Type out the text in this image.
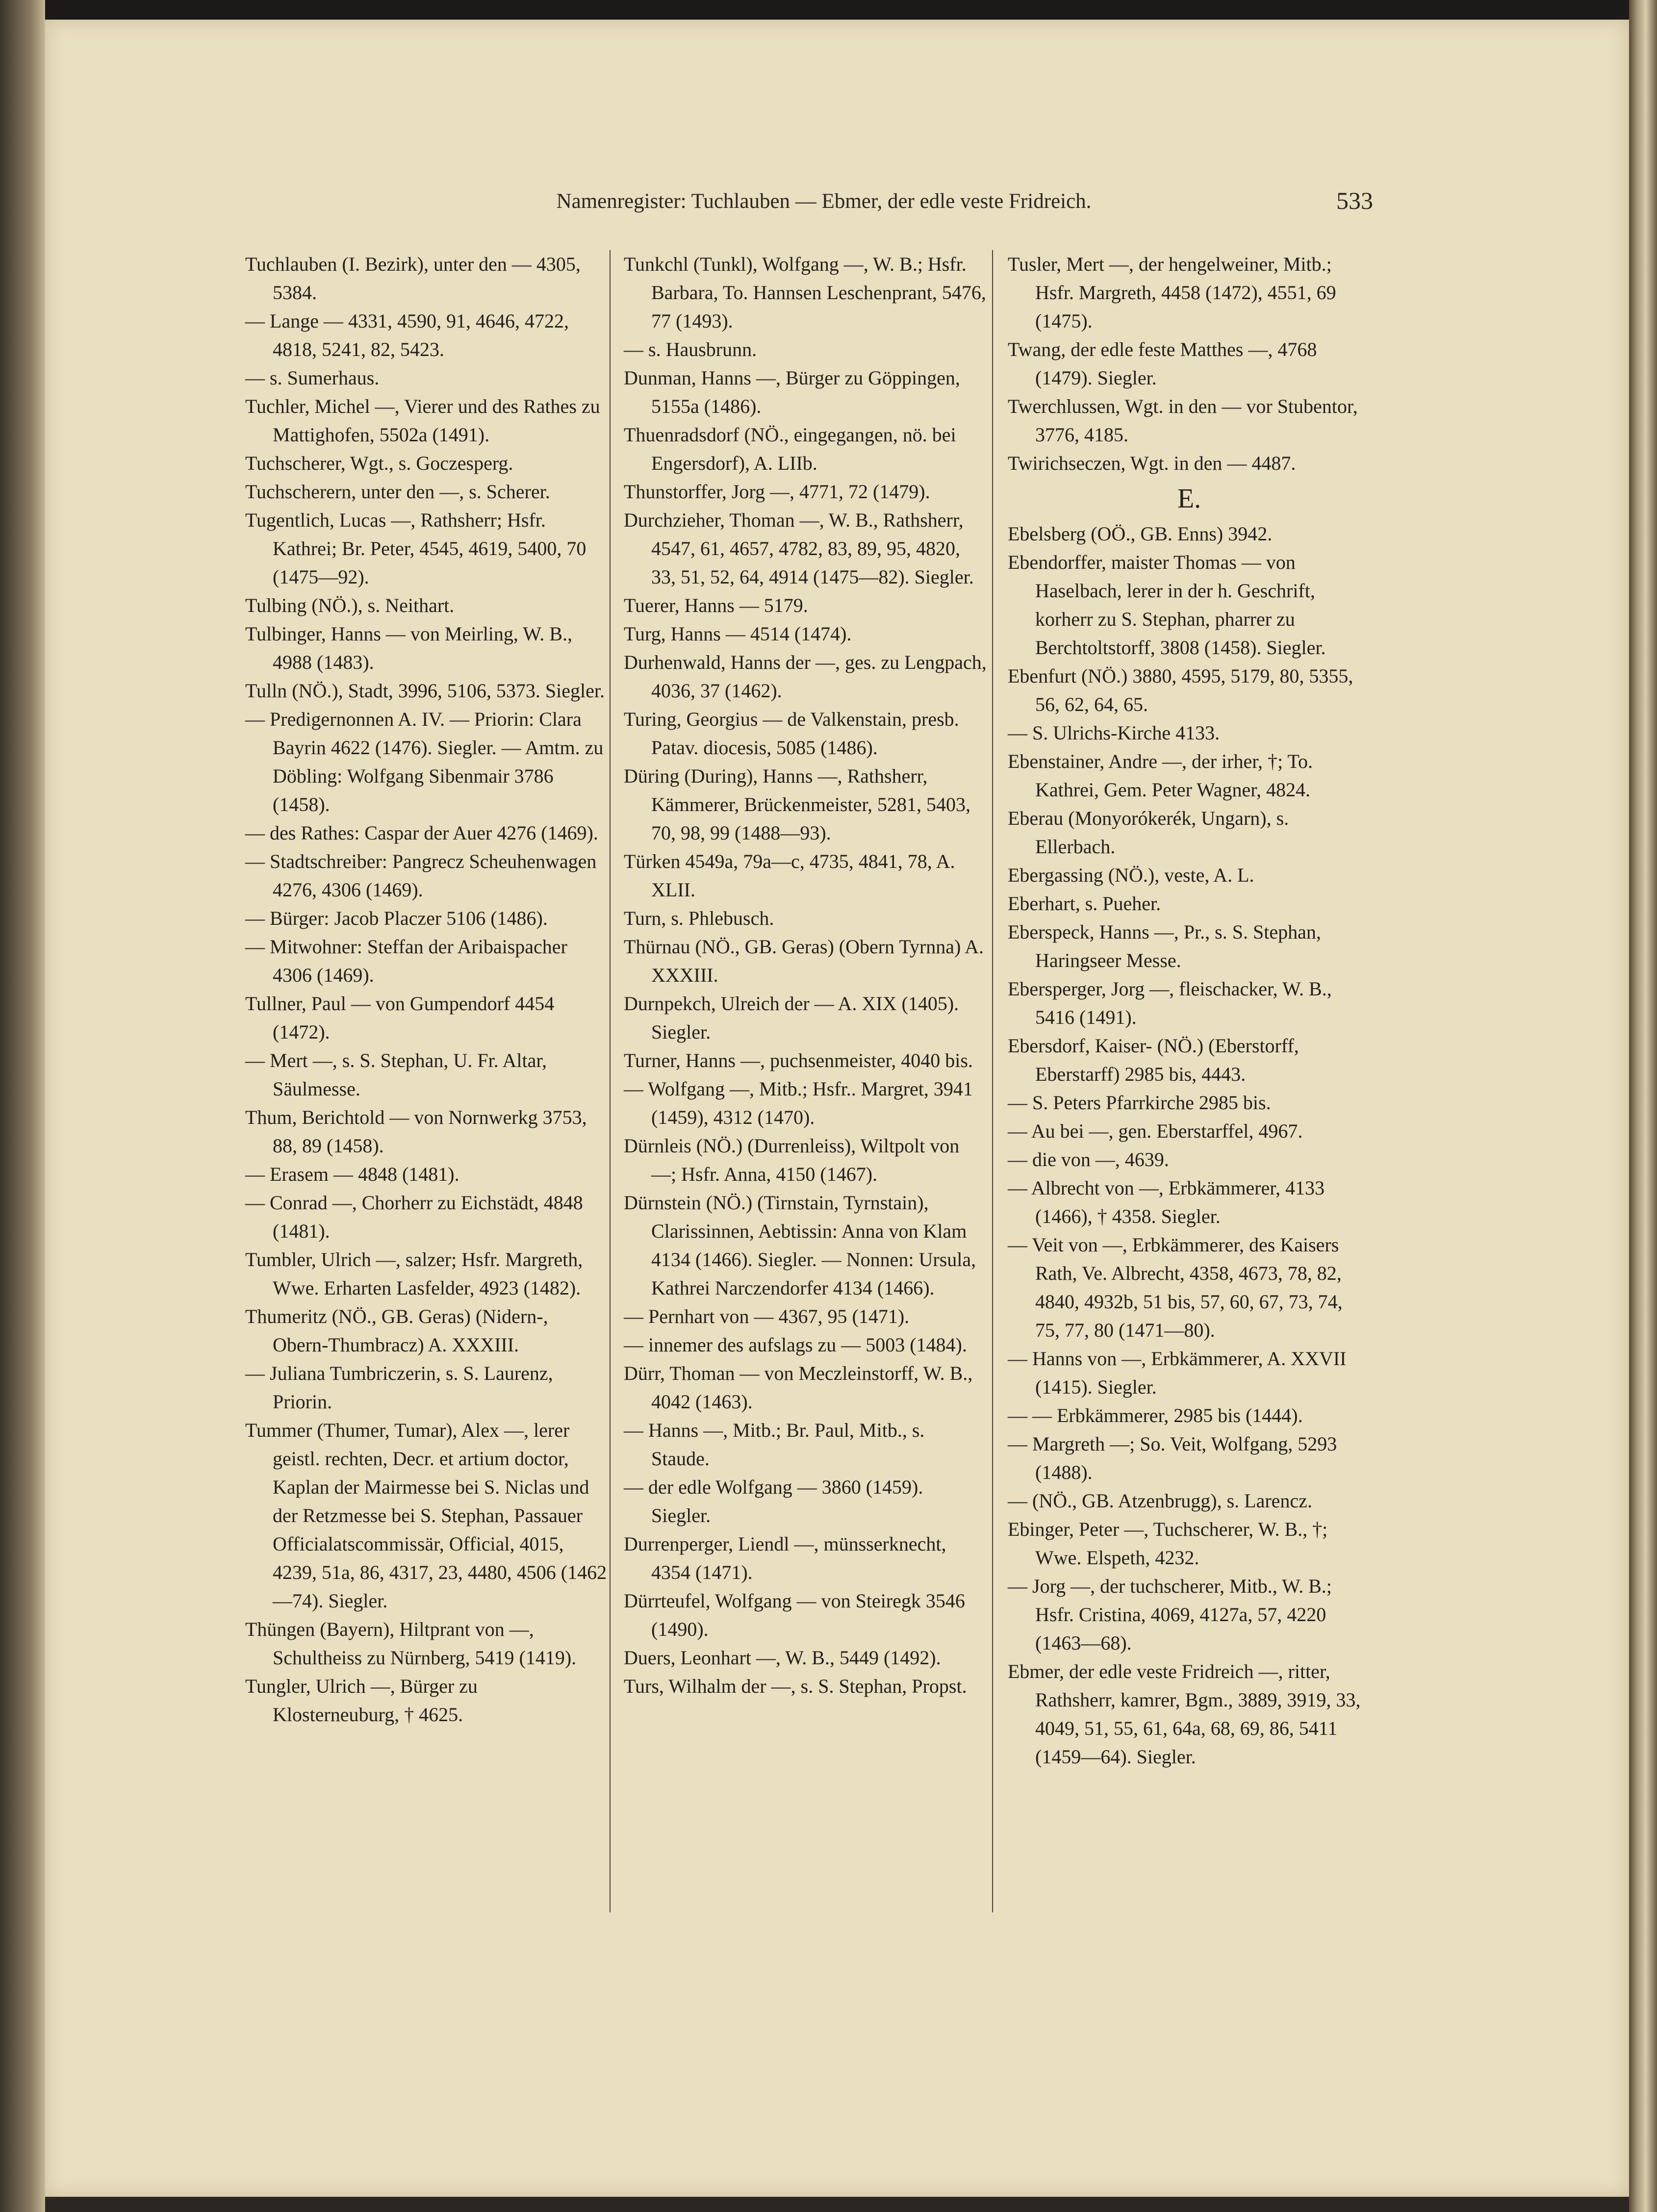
Namenregister: Tuchlauben — Ebmer, der edle veste Fridreich.	533

Tuchlauben (I. Bezirk), unter den — 4305, 5384.

— Lange — 4331, 4590, 91, 4646, 4722, 4818, 5241, 82, 5423.

— s. Sumerhaus.

Tuchler, Michel —, Vierer und des Rathes zu Mattighofen, 5502a (1491).

Tuchscherer, Wgt., s. Goczesperg.

Tuchscherern, unter den —, s. Scherer.

Tugentlich, Lucas —, Rathsherr; Hsfr. Kathrei; Br. Peter, 4545, 4619, 5400, 70 (1475—92).

Tulbing (NÖ.), s. Neithart.

Tulbinger, Hanns — von Meirling, W. B., 4988 (1483).

Tulln (NÖ.), Stadt, 3996, 5106, 5373. Siegler.

— Predigernonnen A. IV. — Priorin: Clara Bayrin 4622 (1476). Siegler. — Amtm. zu Döbling: Wolfgang Sibenmair 3786 (1458).

— des Rathes: Caspar der Auer 4276 (1469).

— Stadtschreiber: Pangrecz Scheuhenwagen 4276, 4306 (1469).

— Bürger: Jacob Placzer 5106 (1486).

— Mitwohner: Steffan der Aribaispacher 4306 (1469).

Tullner, Paul — von Gumpendorf 4454 (1472).

— Mert —, s. S. Stephan, U. Fr. Altar, Säulmesse.

Thum, Berichtold — von Nornwerkg 3753, 88, 89 (1458).

— Erasem — 4848 (1481).

— Conrad —, Chorherr zu Eichstädt, 4848 (1481).

Tumbler, Ulrich —, salzer; Hsfr. Margreth, Wwe. Erharten Lasfelder, 4923 (1482).

Thumeritz (NÖ., GB. Geras) (Nidern-, Obern-Thumbracz) A. XXXIII.

— Juliana Tumbriczerin, s. S. Laurenz, Priorin.

Tummer (Thumer, Tumar), Alex —, lerer geistl. rechten, Decr. et artium doctor, Kaplan der Mairmesse bei S. Niclas und der Retzmesse bei S. Stephan, Passauer Officialatscommissär, Official, 4015, 4239, 51a, 86, 4317, 23, 4480, 4506 (1462—74). Siegler.

Thüngen (Bayern), Hiltprant von —, Schultheiss zu Nürnberg, 5419 (1419).

Tungler, Ulrich —, Bürger zu Klosterneuburg, † 4625.

Tunkchl (Tunkl), Wolfgang —, W. B.; Hsfr. Barbara, To. Hannsen Leschenprant, 5476, 77 (1493).

— s. Hausbrunn.

Dunman, Hanns —, Bürger zu Göppingen, 5155a (1486).

Thuenradsdorf (NÖ., eingegangen, nö. bei Engersdorf), A. LIIb.

Thunstorffer, Jorg —, 4771, 72 (1479).

Durchzieher, Thoman —, W. B., Rathsherr, 4547, 61, 4657, 4782, 83, 89, 95, 4820, 33, 51, 52, 64, 4914 (1475—82). Siegler.

Tuerer, Hanns — 5179.

Turg, Hanns — 4514 (1474).

Durhenwald, Hanns der —, ges. zu Lengpach, 4036, 37 (1462).

Turing, Georgius — de Valkenstain, presb. Patav. diocesis, 5085 (1486).

Düring (During), Hanns —, Rathsherr, Kämmerer, Brückenmeister, 5281, 5403, 70, 98, 99 (1488—93).

Türken 4549a, 79a—c, 4735, 4841, 78, A. XLII.

Turn, s. Phlebusch.

Thürnau (NÖ., GB. Geras) (Obern Tyrnna) A. XXXIII.

Durnpekch, Ulreich der — A. XIX (1405). Siegler.

Turner, Hanns —, puchsenmeister, 4040 bis.

— Wolfgang —, Mitb.; Hsfr.. Margret, 3941 (1459), 4312 (1470).

Dürnleis (NÖ.) (Durrenleiss), Wiltpolt von —; Hsfr. Anna, 4150 (1467).

Dürnstein (NÖ.) (Tirnstain, Tyrnstain), Clarissinnen, Aebtissin: Anna von Klam 4134 (1466). Siegler. — Nonnen: Ursula, Kathrei Narczendorfer 4134 (1466).

— Pernhart von — 4367, 95 (1471).

— innemer des aufslags zu — 5003 (1484).

Dürr, Thoman — von Meczleinstorff, W. B., 4042 (1463).

— Hanns —, Mitb.; Br. Paul, Mitb., s. Staude.

— der edle Wolfgang — 3860 (1459). Siegler.

Durrenperger, Liendl —, münsserknecht, 4354 (1471).

Dürrteufel, Wolfgang — von Steiregk 3546 (1490).

Duers, Leonhart —, W. B., 5449 (1492).

Turs, Wilhalm der —, s. S. Stephan, Propst.

Tusler, Mert —, der hengelweiner, Mitb.; Hsfr. Margreth, 4458 (1472), 4551, 69 (1475).

Twang, der edle feste Matthes —, 4768 (1479). Siegler.

Twerchlussen, Wgt. in den — vor Stubentor, 3776, 4185.

Twirichseczen, Wgt. in den — 4487.

E.

Ebelsberg (OÖ., GB. Enns) 3942.

Ebendorffer, maister Thomas — von Haselbach, lerer in der h. Geschrift, korherr zu S. Stephan, pharrer zu Berchtoltstorff, 3808 (1458). Siegler.

Ebenfurt (NÖ.) 3880, 4595, 5179, 80, 5355, 56, 62, 64, 65.

— S. Ulrichs-Kirche 4133.

Ebenstainer, Andre —, der irher, †; To. Kathrei, Gem. Peter Wagner, 4824.

Eberau (Monyorókerék, Ungarn), s. Ellerbach.

Ebergassing (NÖ.), veste, A. L.

Eberhart, s. Pueher.

Eberspeck, Hanns —, Pr., s. S. Stephan, Haringseer Messe.

Ebersperger, Jorg —, fleischacker, W. B., 5416 (1491).

Ebersdorf, Kaiser- (NÖ.) (Eberstorff, Eberstarff) 2985 bis, 4443.

— S. Peters Pfarrkirche 2985 bis.

— Au bei —, gen. Eberstarffel, 4967.

— die von —, 4639.

— Albrecht von —, Erbkämmerer, 4133 (1466), † 4358. Siegler.

— Veit von —, Erbkämmerer, des Kaisers Rath, Ve. Albrecht, 4358, 4673, 78, 82, 4840, 4932b, 51 bis, 57, 60, 67, 73, 74, 75, 77, 80 (1471—80).

— Hanns von —, Erbkämmerer, A. XXVII (1415). Siegler.

— — Erbkämmerer, 2985 bis (1444).

— Margreth —; So. Veit, Wolfgang, 5293 (1488).

— (NÖ., GB. Atzenbrugg), s. Larencz.

Ebinger, Peter —, Tuchscherer, W. B., †; Wwe. Elspeth, 4232.

— Jorg —, der tuchscherer, Mitb., W. B.; Hsfr. Cristina, 4069, 4127a, 57, 4220 (1463—68).

Ebmer, der edle veste Fridreich —, ritter, Rathsherr, kamrer, Bgm., 3889, 3919, 33, 4049, 51, 55, 61, 64a, 68, 69, 86, 5411 (1459—64). Siegler.
